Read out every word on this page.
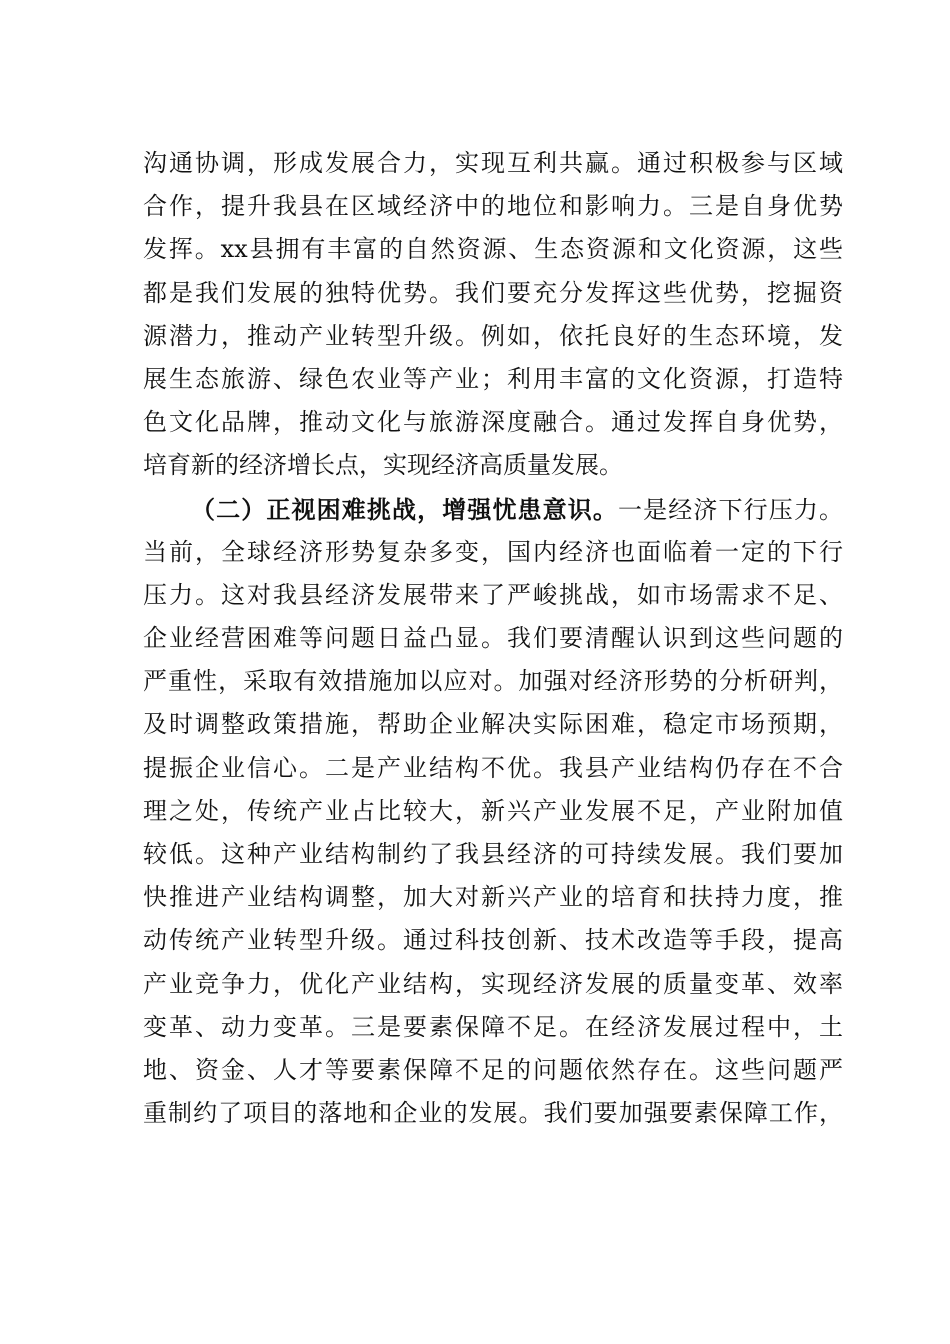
沟通协调，形成发展合力，实现互利共赢。通过积极参与区域
合作，提升我县在区域经济中的地位和影响力。三是自身优势
发挥。xx县拥有丰富的自然资源、生态资源和文化资源，这些
都是我们发展的独特优势。我们要充分发挥这些优势，挖掘资
源潜力，推动产业转型升级。例如，依托良好的生态环境，发
展生态旅游、绿色农业等产业；利用丰富的文化资源，打造特
色文化品牌，推动文化与旅游深度融合。通过发挥自身优势，
培育新的经济增长点，实现经济高质量发展。
（二）正视困难挑战，增强忧患意识。一是经济下行压力。
当前，全球经济形势复杂多变，国内经济也面临着一定的下行
压力。这对我县经济发展带来了严峻挑战，如市场需求不足、
企业经营困难等问题日益凸显。我们要清醒认识到这些问题的
严重性，采取有效措施加以应对。加强对经济形势的分析研判，
及时调整政策措施，帮助企业解决实际困难，稳定市场预期，
提振企业信心。二是产业结构不优。我县产业结构仍存在不合
理之处，传统产业占比较大，新兴产业发展不足，产业附加值
较低。这种产业结构制约了我县经济的可持续发展。我们要加
快推进产业结构调整，加大对新兴产业的培育和扶持力度，推
动传统产业转型升级。通过科技创新、技术改造等手段，提高
产业竞争力，优化产业结构，实现经济发展的质量变革、效率
变革、动力变革。三是要素保障不足。在经济发展过程中，土
地、资金、人才等要素保障不足的问题依然存在。这些问题严
重制约了项目的落地和企业的发展。我们要加强要素保障工作，
